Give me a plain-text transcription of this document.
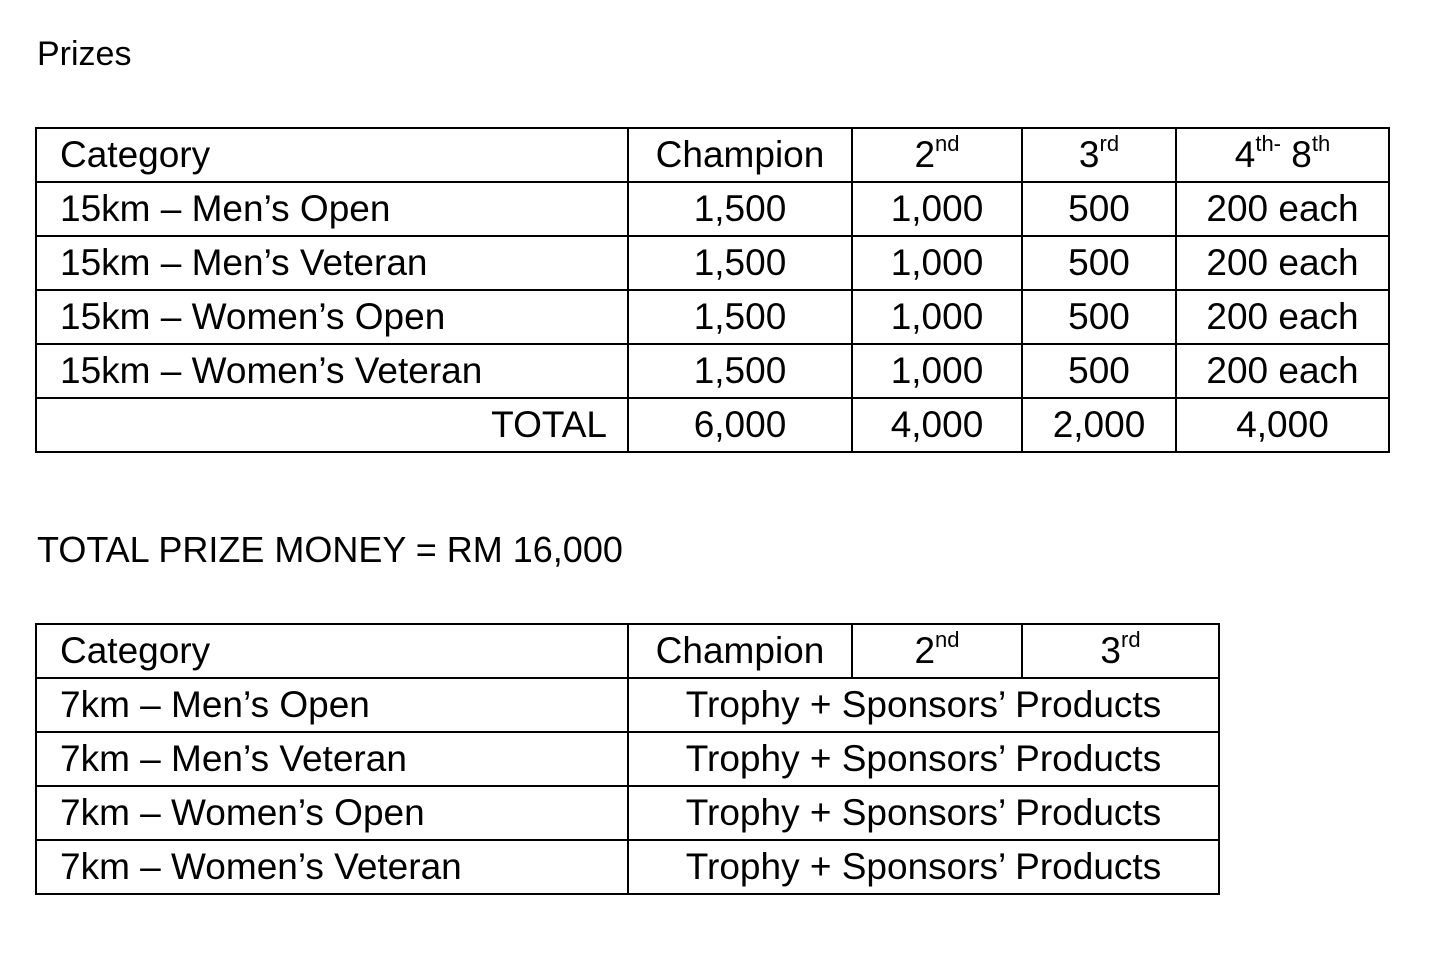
Prizes
Category	Champion	2nd	3rd	$4^{th-}$ 8th
15km – Men’s Open	1,500	1,000	500	200 each
15km – Men’s Veteran	1,500	1,000	500	200 each
15km – Women’s Open	1,500	1,000	500	200 each
15km – Women’s Veteran	1,500	1,000	500	200 each
TOTAL	6,000	4,000	2,000	4,000
TOTAL PRIZE MONEY = RM 16,000
Category	Champion	2nd	3rd
7km – Men’s Open	Trophy + Sponsors’ Products		
7km – Men’s Veteran	Trophy + Sponsors’ Products		
7km – Women’s Open	Trophy + Sponsors’ Products		
7km – Women’s Veteran	Trophy + Sponsors’ Products		
